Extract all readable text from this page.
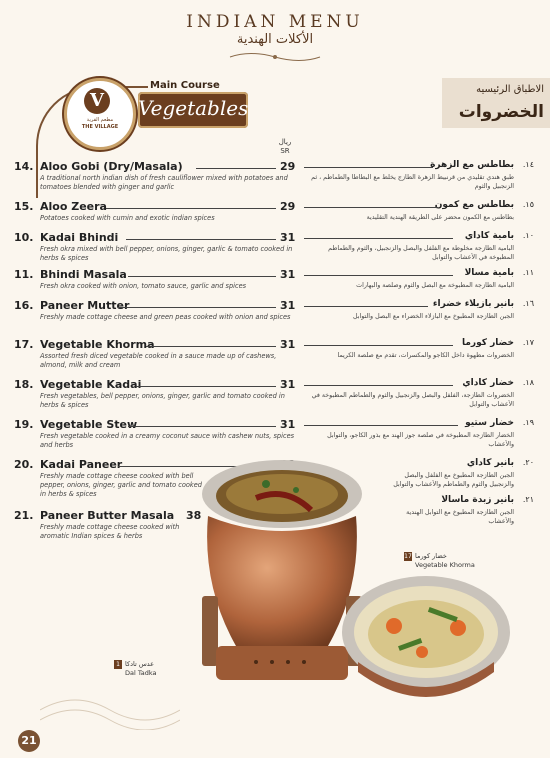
INDIAN MENU
الأكلات الهندية
V
مطعم القرية
THE VILLAGE
Main Course
Vegetables
الاطباق الرئيسيه
الخضروات
ريال
SR
14. Aloo Gobi (Dry/Masala)	29
A traditional north indian dish of fresh cauliflower mixed with potatoes and tomatoes blended with ginger and garlic
15. Aloo Zeera	29
Potatoes cooked with cumin and exotic indian spices
10. Kadai Bhindi	31
Fresh okra mixed with bell pepper, onions, ginger, garlic & tomato cooked in herbs & spices
11. Bhindi Masala	31
Fresh okra cooked with onion, tomato sauce, garlic and spices
16. Paneer Mutter	31
Freshly made cottage cheese and green peas cooked with onion and spices
17. Vegetable Khorma	31
Assorted fresh diced vegetable cooked in a sauce made up of cashews, almond, milk and cream
18. Vegetable Kadai	31
Fresh vegetables, bell pepper, onions, ginger, garlic and tomato cooked in herbs & spices
19. Vegetable Stew	31
Fresh vegetable cooked in a creamy coconut sauce with cashew nuts, spices and herbs
20. Kadai Paneer
Freshly made cottage cheese cooked with bell pepper, onions, ginger, garlic and tomato cooked in herbs & spices
21. Paneer Butter Masala 38
Freshly made cottage cheese cooked with aromatic Indian spices & herbs
.١٤
بطاطس مع الزهرة
طبق هندي تقليدي من قرنبيط الزهرة الطازج يخلط مع البطاطا والطماطم ، ثم الزنجبيل والثوم
.١٥
بطاطس مع كمون
بطاطس مع الكمون محضر على الطريقة الهندية التقليدية
.١٠
بامية كاداي
البامية الطازجة مخلوطة مع الفلفل والبصل والزنجبيل، والثوم والطماطم المطبوخة في الأعشاب والتوابل
.١١
بامية مسالا
البامية الطازجة المطبوخة مع البصل والثوم وصلصة والبهارات
.١٦
بانير بازيلاء خضراء
الجبن الطازجة المطبوخ مع البازلاء الخضراء مع البصل والتوابل
.١٧
خضار كورما
الخضروات مطهوة داخل الكاجو والمكسرات، تقدم مع صلصة الكريما
.١٨
خضار كاداي
الخضروات الطازجة، الفلفل والبصل والزنجبيل والثوم والطماطم المطبوخة في الأعشاب والتوابل
.١٩
خضار ستيو
الخضار الطازجة المطبوخة في صلصة جوز الهند مع بذور الكاجو، والتوابل والأعشاب
.٢٠
بانير كاداي
الجبن الطازجة المطبوخ مع الفلفل والبصل والزنجبيل والثوم والطماطم والأعشاب والتوابل
.٢١
بانير زبدة ماسالا
الجبن الطازجة المطبوخ مع التوابل الهندية والأعشاب
17 خضار كورما
Vegetable Khorma
1 عدس تادكا
Dal Tadka
21
